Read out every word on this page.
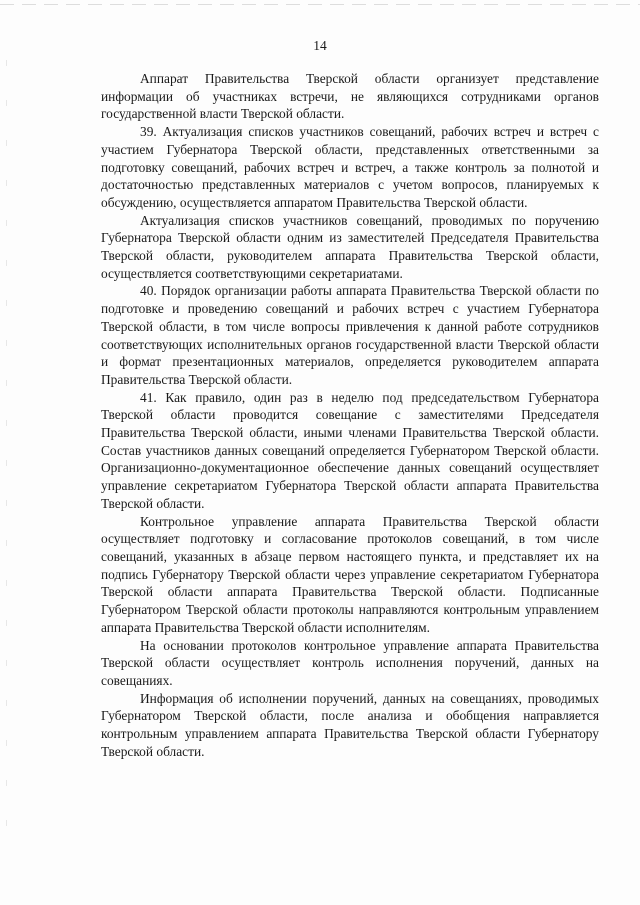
14

Аппарат Правительства Тверской области организует представление информации об участниках встречи, не являющихся сотрудниками органов государственной власти Тверской области.

39. Актуализация списков участников совещаний, рабочих встреч и встреч с участием Губернатора Тверской области, представленных ответственными за подготовку совещаний, рабочих встреч и встреч, а также контроль за полнотой и достаточностью представленных материалов с учетом вопросов, планируемых к обсуждению, осуществляется аппаратом Правительства Тверской области.

Актуализация списков участников совещаний, проводимых по поручению Губернатора Тверской области одним из заместителей Председателя Правительства Тверской области, руководителем аппарата Правительства Тверской области, осуществляется соответствующими секретариатами.

40. Порядок организации работы аппарата Правительства Тверской области по подготовке и проведению совещаний и рабочих встреч с участием Губернатора Тверской области, в том числе вопросы привлечения к данной работе сотрудников соответствующих исполнительных органов государственной власти Тверской области и формат презентационных материалов, определяется руководителем аппарата Правительства Тверской области.

41. Как правило, один раз в неделю под председательством Губернатора Тверской области проводится совещание с заместителями Председателя Правительства Тверской области, иными членами Правительства Тверской области. Состав участников данных совещаний определяется Губернатором Тверской области. Организационно-документационное обеспечение данных совещаний осуществляет управление секретариатом Губернатора Тверской области аппарата Правительства Тверской области.

Контрольное управление аппарата Правительства Тверской области осуществляет подготовку и согласование протоколов совещаний, в том числе совещаний, указанных в абзаце первом настоящего пункта, и представляет их на подпись Губернатору Тверской области через управление секретариатом Губернатора Тверской области аппарата Правительства Тверской области. Подписанные Губернатором Тверской области протоколы направляются контрольным управлением аппарата Правительства Тверской области исполнителям.

На основании протоколов контрольное управление аппарата Правительства Тверской области осуществляет контроль исполнения поручений, данных на совещаниях.

Информация об исполнении поручений, данных на совещаниях, проводимых Губернатором Тверской области, после анализа и обобщения направляется контрольным управлением аппарата Правительства Тверской области Губернатору Тверской области.
